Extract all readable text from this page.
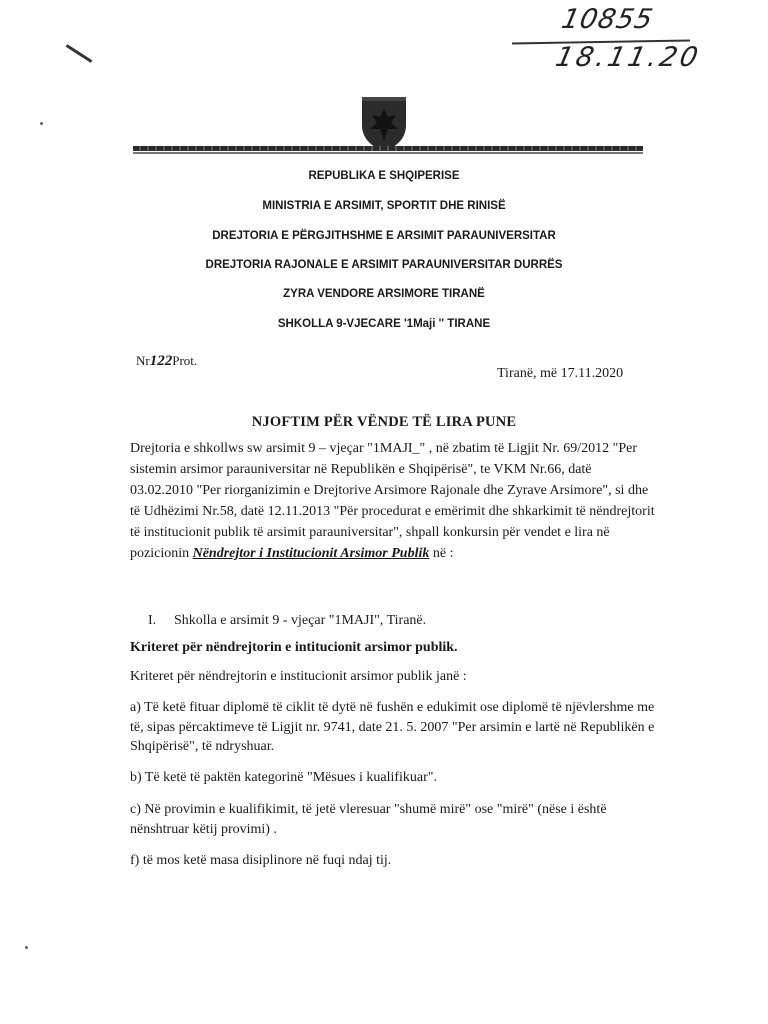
10855
18.11.20
REPUBLIKA E SHQIPERISE
MINISTRIA E ARSIMIT, SPORTIT DHE RINISË
DREJTORIA E PËRGJITHSHME E ARSIMIT PARAUNIVERSITAR
DREJTORIA RAJONALE E ARSIMIT PARAUNIVERSITAR DURRËS
ZYRA VENDORE ARSIMORE TIRANË
SHKOLLA 9-VJECARE '1Maji '' TIRANE
Nr122Prot.
Tiranë, më 17.11.2020
NJOFTIM PËR VËNDE TË LIRA PUNE
Drejtoria e shkollws sw arsimit 9 – vjeçar "1MAJI_" , në zbatim të Ligjit Nr. 69/2012 "Per
sistemin arsimor parauniversitar në Republikën e Shqipërisë", te VKM Nr.66, datë
03.02.2010 "Per riorganizimin e Drejtorive Arsimore Rajonale dhe Zyrave Arsimore", si dhe
të Udhëzimi Nr.58, datë 12.11.2013 "Për procedurat e emërimit dhe shkarkimit të nëndrejtorit
të institucionit publik të arsimit parauniversitar", shpall konkursin për vendet e lira në
pozicionin Nëndrejtor i Institucionit Arsimor Publik në :
I. Shkolla e arsimit 9 - vjeçar "1MAJI", Tiranë.
Kriteret për nëndrejtorin e intitucionit arsimor publik.
Kriteret për nëndrejtorin e institucionit arsimor publik janë :
a) Të ketë fituar diplomë të ciklit të dytë në fushën e edukimit ose diplomë të njëvlershme me
të, sipas përcaktimeve të Ligjit nr. 9741, date 21. 5. 2007 "Per arsimin e lartë në Republikën e
Shqipërisë", të ndryshuar.
b) Të ketë të paktën kategorinë "Mësues i kualifikuar".
c) Në provimin e kualifikimit, të jetë vleresuar "shumë mirë" ose "mirë" (nëse i është
nënshtruar këtij provimi) .
f) të mos ketë masa disiplinore në fuqi ndaj tij.
